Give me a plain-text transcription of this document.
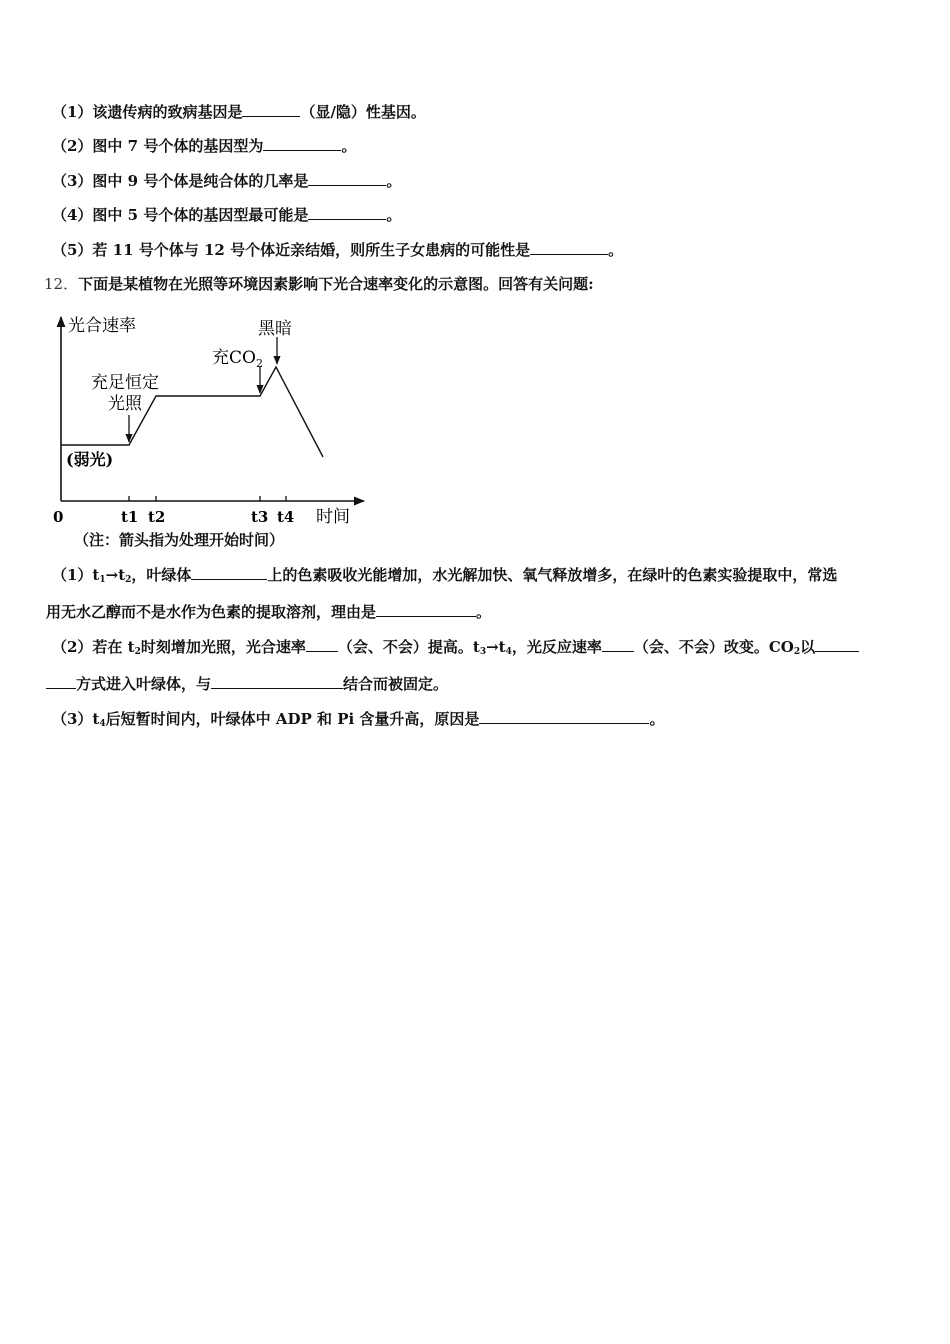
（1）该遗传病的致病基因是	（显/隐）性基因。
（2）图中 7 号个体的基因型为	。
（3）图中 9 号个体是纯合体的几率是	。
（4）图中 5 号个体的基因型最可能是	。
（5）若 11 号个体与 12 号个体近亲结婚，则所生子女患病的可能性是	。
12．下面是某植物在光照等环境因素影响下光合速率变化的示意图。回答有关问题:
光合速率
时间
0	t1 t2	t3 t4
(弱光)
充足恒定
光照
充$CO_2$
黑暗
（注：箭头指为处理开始时间）
$(1)t_1\to t_2$，叶绿体	上的色素吸收光能增加，水光解加快、氧气释放增多，在绿叶的色素实验提取中，常选
用无水乙醇而不是水作为色素的提取溶剂，理由是	。
（2）若在 $t_2$时刻增加光照，光合速率 （会、不会）提高。$t_3\to t_4$，光反应速率 （会、不会）改变。$CO_2$以
方式进入叶绿体，与	结合而被固定。
$(3)t_4$后短暂时间内，叶绿体中 ADP 和 Pi 含量升高，原因是	。
